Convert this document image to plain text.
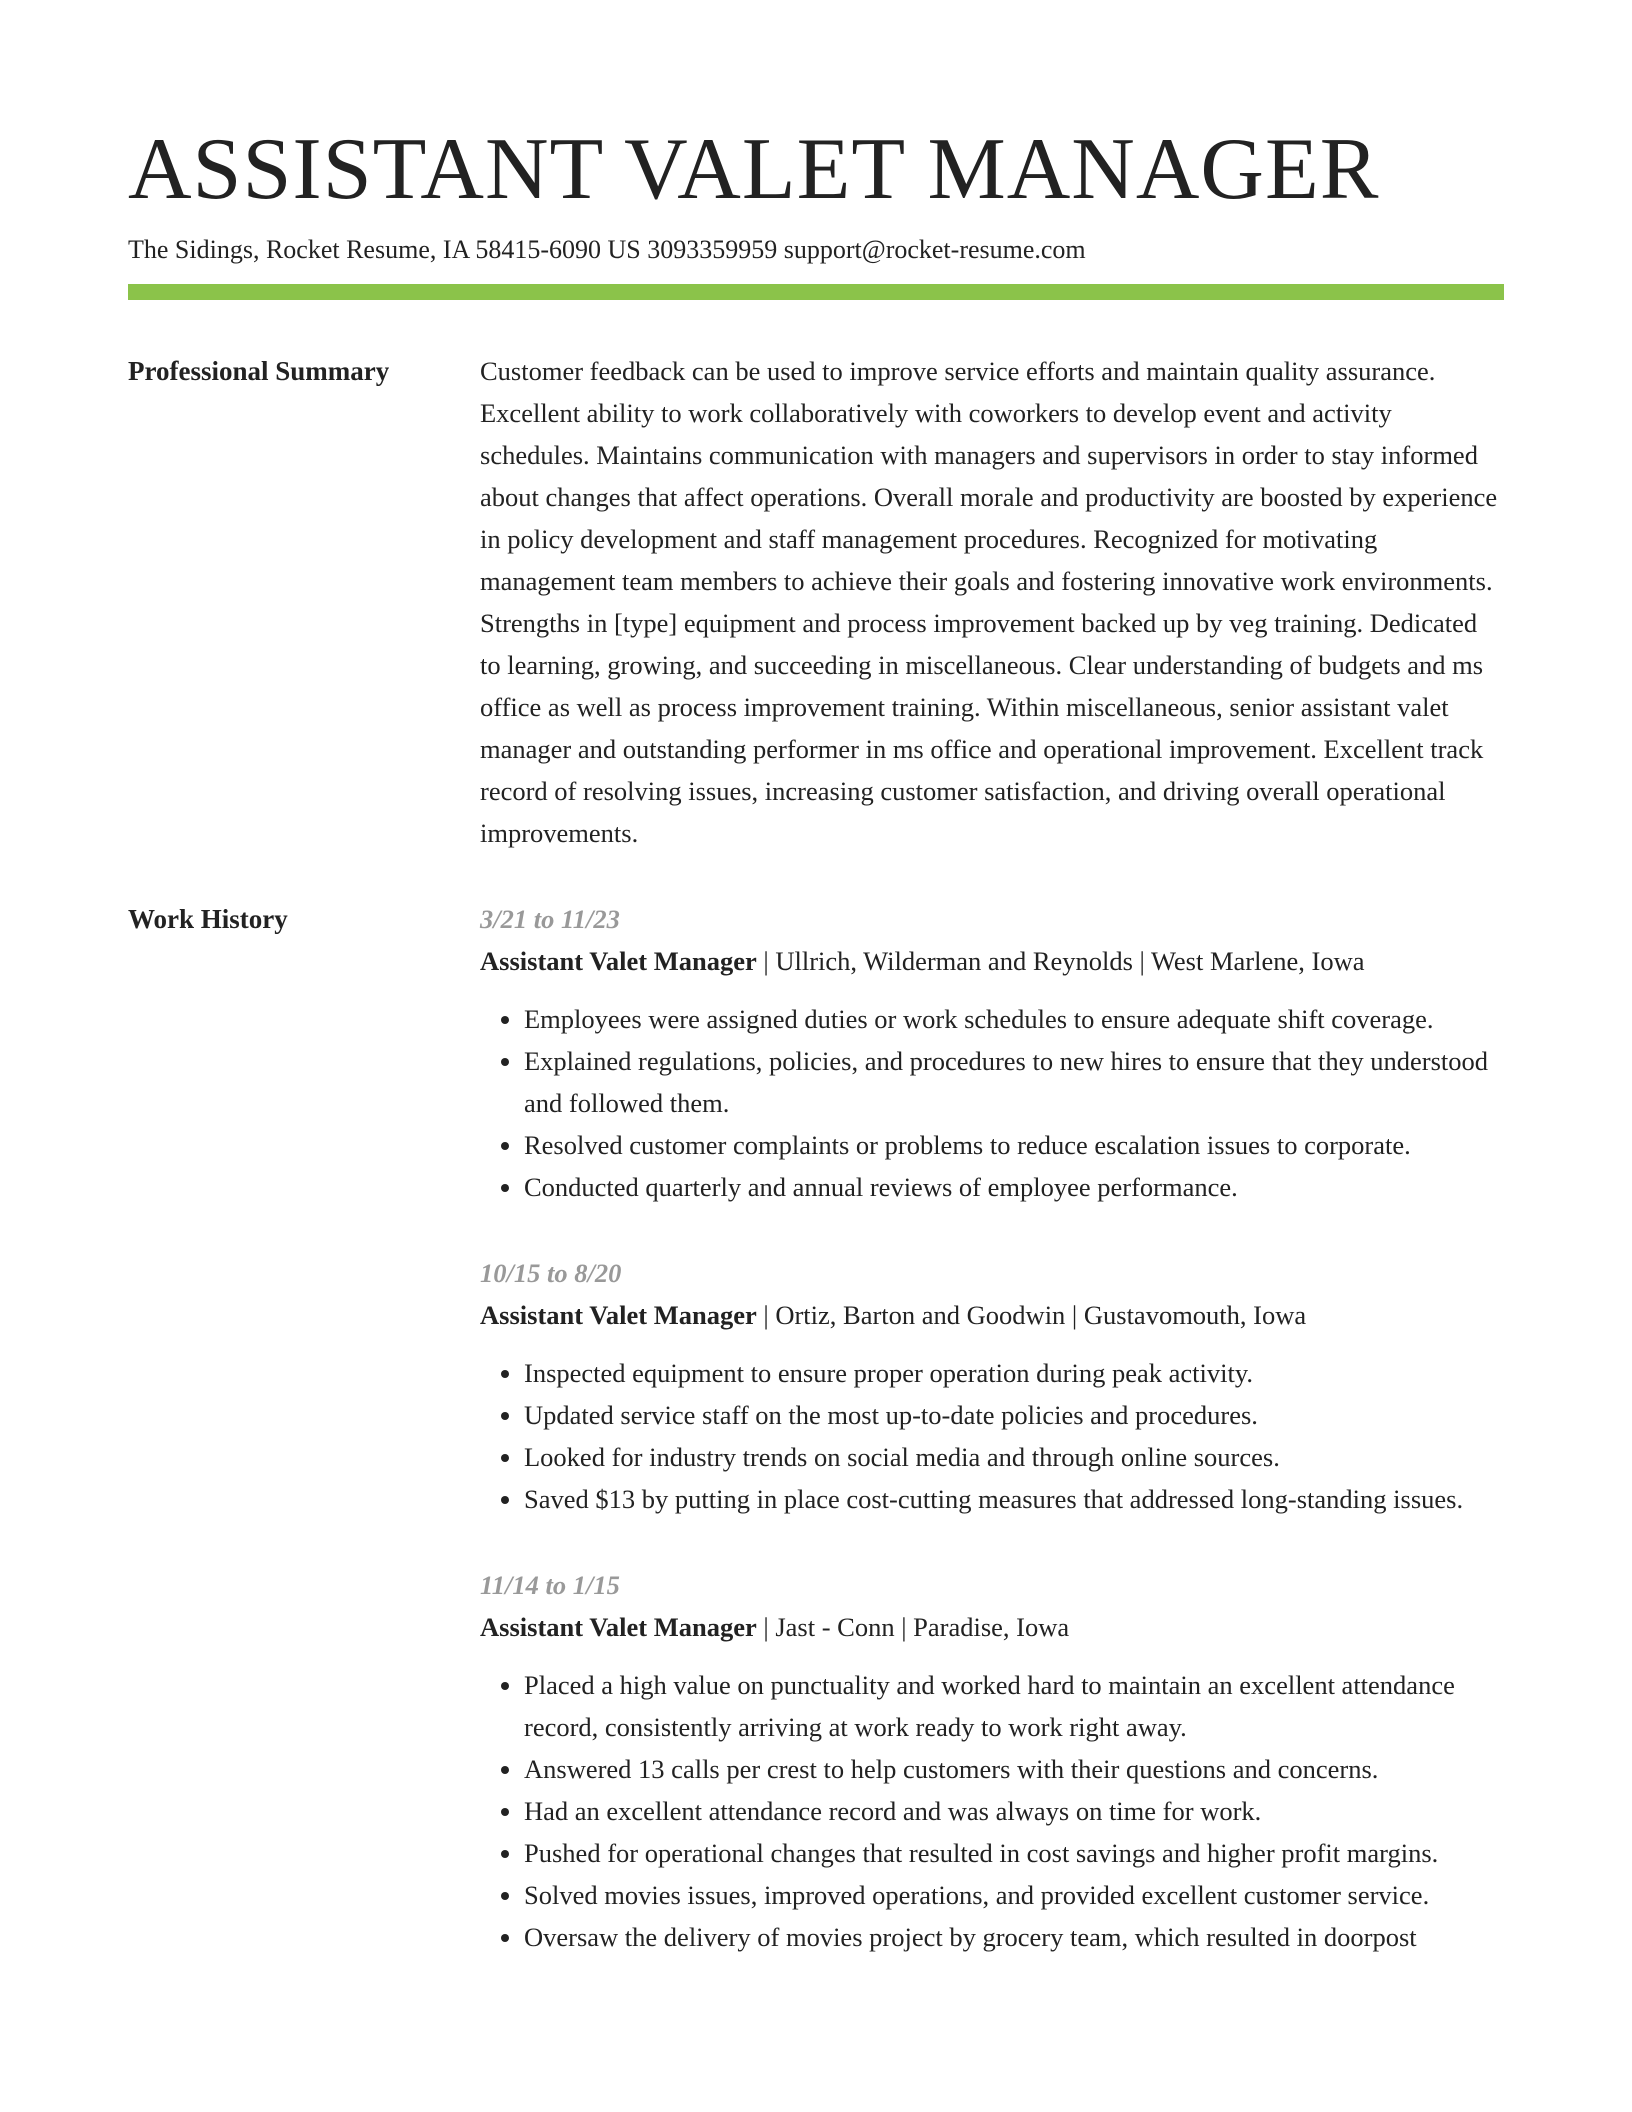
ASSISTANT VALET MANAGER
The Sidings, Rocket Resume, IA 58415-6090 US 3093359959 support@rocket-resume.com
Professional Summary	Customer feedback can be used to improve service efforts and maintain quality assurance. Excellent ability to work collaboratively with coworkers to develop event and activity schedules. Maintains communication with managers and supervisors in order to stay informed about changes that affect operations. Overall morale and productivity are boosted by experience in policy development and staff management procedures. Recognized for motivating management team members to achieve their goals and fostering innovative work environments. Strengths in [type] equipment and process improvement backed up by veg training. Dedicated to learning, growing, and succeeding in miscellaneous. Clear understanding of budgets and ms office as well as process improvement training. Within miscellaneous, senior assistant valet manager and outstanding performer in ms office and operational improvement. Excellent track record of resolving issues, increasing customer satisfaction, and driving overall operational improvements.

Work History	3/21 to 11/23
Assistant Valet Manager | Ullrich, Wilderman and Reynolds | West Marlene, Iowa
• Employees were assigned duties or work schedules to ensure adequate shift coverage.
• Explained regulations, policies, and procedures to new hires to ensure that they understood and followed them.
• Resolved customer complaints or problems to reduce escalation issues to corporate.
• Conducted quarterly and annual reviews of employee performance.
10/15 to 8/20
Assistant Valet Manager | Ortiz, Barton and Goodwin | Gustavomouth, Iowa
• Inspected equipment to ensure proper operation during peak activity.
• Updated service staff on the most up-to-date policies and procedures.
• Looked for industry trends on social media and through online sources.
• Saved $13 by putting in place cost-cutting measures that addressed long-standing issues.
11/14 to 1/15
Assistant Valet Manager | Jast - Conn | Paradise, Iowa
• Placed a high value on punctuality and worked hard to maintain an excellent attendance record, consistently arriving at work ready to work right away.
• Answered 13 calls per crest to help customers with their questions and concerns.
• Had an excellent attendance record and was always on time for work.
• Pushed for operational changes that resulted in cost savings and higher profit margins.
• Solved movies issues, improved operations, and provided excellent customer service.
• Oversaw the delivery of movies project by grocery team, which resulted in doorpost
